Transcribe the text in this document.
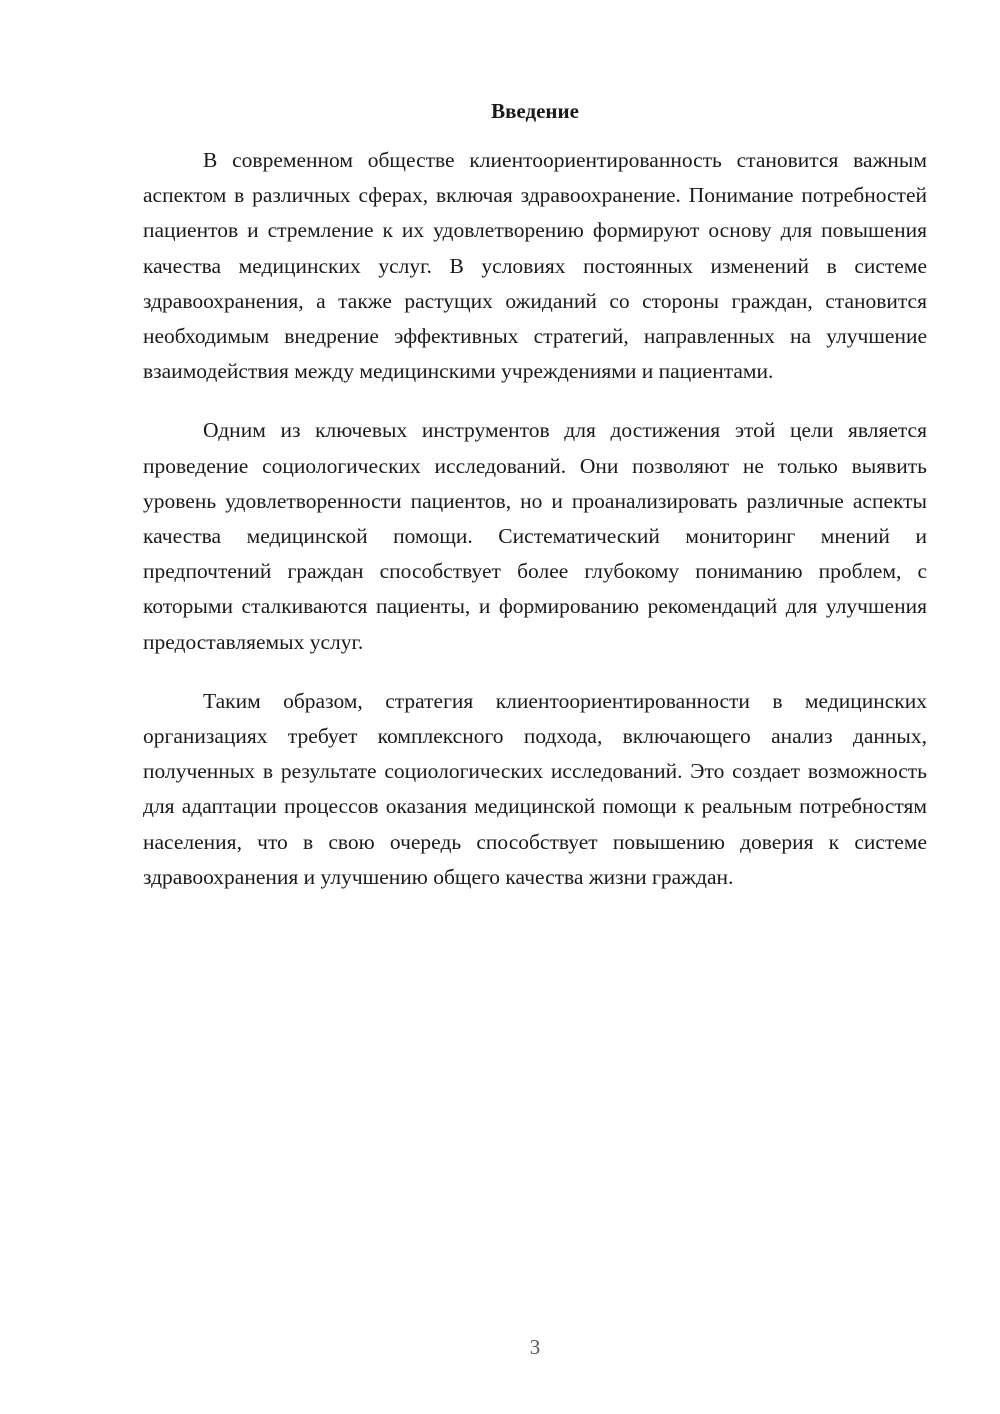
Введение

В современном обществе клиентоориентированность становится важным аспектом в различных сферах, включая здравоохранение. Понимание потребностей пациентов и стремление к их удовлетворению формируют основу для повышения качества медицинских услуг. В условиях постоянных изменений в системе здравоохранения, а также растущих ожиданий со стороны граждан, становится необходимым внедрение эффективных стратегий, направленных на улучшение взаимодействия между медицинскими учреждениями и пациентами.

Одним из ключевых инструментов для достижения этой цели является проведение социологических исследований. Они позволяют не только выявить уровень удовлетворенности пациентов, но и проанализировать различные аспекты качества медицинской помощи. Систематический мониторинг мнений и предпочтений граждан способствует более глубокому пониманию проблем, с которыми сталкиваются пациенты, и формированию рекомендаций для улучшения предоставляемых услуг.

Таким образом, стратегия клиентоориентированности в медицинских организациях требует комплексного подхода, включающего анализ данных, полученных в результате социологических исследований. Это создает возможность для адаптации процессов оказания медицинской помощи к реальным потребностям населения, что в свою очередь способствует повышению доверия к системе здравоохранения и улучшению общего качества жизни граждан.

3
